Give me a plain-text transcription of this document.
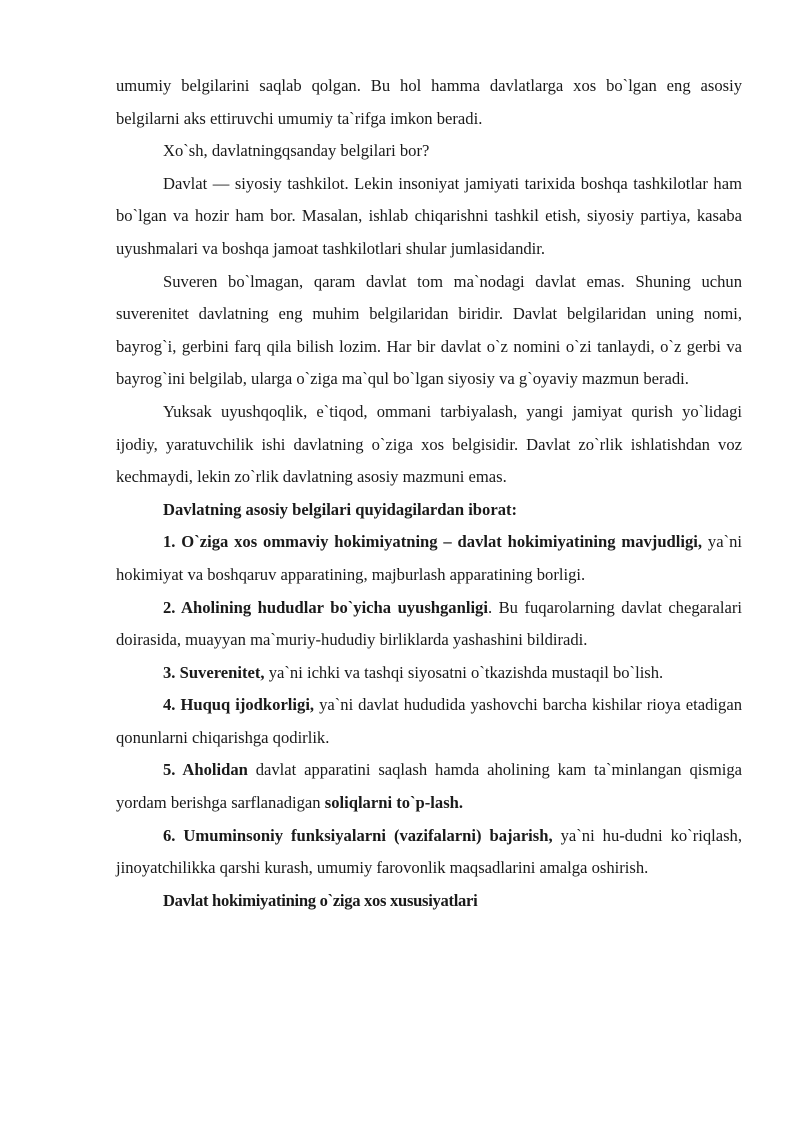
umumiy belgilarini saqlab qolgan. Bu hol hamma davlatlarga xos bo`lgan eng asosiy belgilarni aks ettiruvchi umumiy ta`rifga imkon beradi.

Xo`sh, davlatningqsanday belgilari bor?

Davlat — siyosiy tashkilot. Lekin insoniyat jamiyati tarixida boshqa tashkilotlar ham bo`lgan va hozir ham bor. Masalan, ishlab chiqarishni tashkil etish, siyosiy partiya, kasaba uyushmalari va boshqa jamoat tashkilotlari shular jumlasidandir.

Suveren bo`lmagan, qaram davlat tom ma`nodagi davlat emas. Shuning uchun suverenitet davlatning eng muhim belgilaridan biridir. Davlat belgilaridan uning nomi, bayrog`i, gerbini farq qila bilish lozim. Har bir davlat o`z nomini o`zi tanlaydi, o`z gerbi va bayrog`ini belgilab, ularga o`ziga ma`qul bo`lgan siyosiy va g`oyaviy mazmun beradi.

Yuksak uyushqoqlik, e`tiqod, ommani tarbiyalash, yangi jamiyat qurish yo`lidagi ijodiy, yaratuvchilik ishi davlatning o`ziga xos belgisidir. Davlat zo`rlik ishlatishdan voz kechmaydi, lekin zo`rlik davlatning asosiy mazmuni emas.

Davlatning asosiy belgilari quyidagilardan iborat:

1. O`ziga xos ommaviy hokimiyatning – davlat hokimiyatining mavjudligi, ya`ni hokimiyat va boshqaruv apparatining, majburlash apparatining borligi.

2. Aholining hududlar bo`yicha uyushganligi. Bu fuqarolarning davlat chegaralari doirasida, muayyan ma`muriy-hududiy birliklarda yashashini bildiradi.

3. Suverenitet, ya`ni ichki va tashqi siyosatni o`tkazishda mustaqil bo`lish.

4. Huquq ijodkorligi, ya`ni davlat hududida yashovchi barcha kishilar rioya etadigan qonunlarni chiqarishga qodirlik.

5. Aholidan davlat apparatini saqlash hamda aholining kam ta`minlangan qismiga yordam berishga sarflanadigan soliqlarni to`p-lash.

6. Umuminsoniy funksiyalarni (vazifalarni) bajarish, ya`ni hu-dudni ko`riqlash, jinoyatchilikka qarshi kurash, umumiy farovonlik maqsadlarini amalga oshirish.

Davlat hokimiyatining o`ziga xos xususiyatlari
